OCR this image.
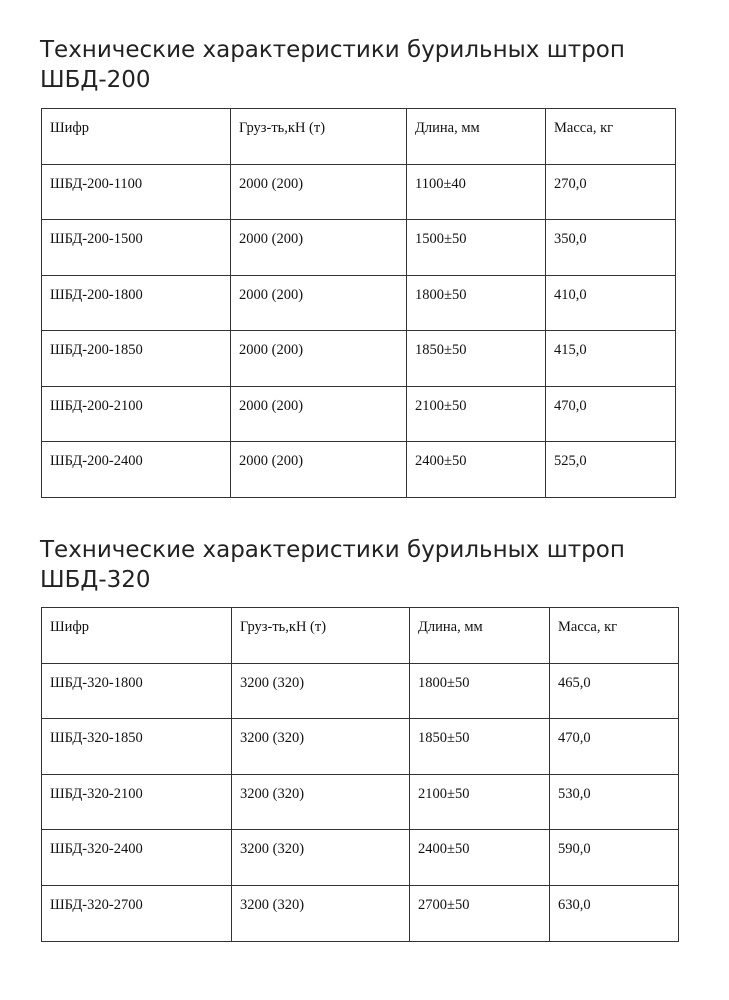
Технические характеристики бурильных штроп ШБД-200
Шифр	Груз-ть,кН (т)	Длина, мм	Масса, кг
ШБД-200-1100	2000 (200)	1100±40	270,0
ШБД-200-1500	2000 (200)	1500±50	350,0
ШБД-200-1800	2000 (200)	1800±50	410,0
ШБД-200-1850	2000 (200)	1850±50	415,0
ШБД-200-2100	2000 (200)	2100±50	470,0
ШБД-200-2400	2000 (200)	2400±50	525,0
Технические характеристики бурильных штроп ШБД-320
Шифр	Груз-ть,кН (т)	Длина, мм	Масса, кг
ШБД-320-1800	3200 (320)	1800±50	465,0
ШБД-320-1850	3200 (320)	1850±50	470,0
ШБД-320-2100	3200 (320)	2100±50	530,0
ШБД-320-2400	3200 (320)	2400±50	590,0
ШБД-320-2700	3200 (320)	2700±50	630,0
